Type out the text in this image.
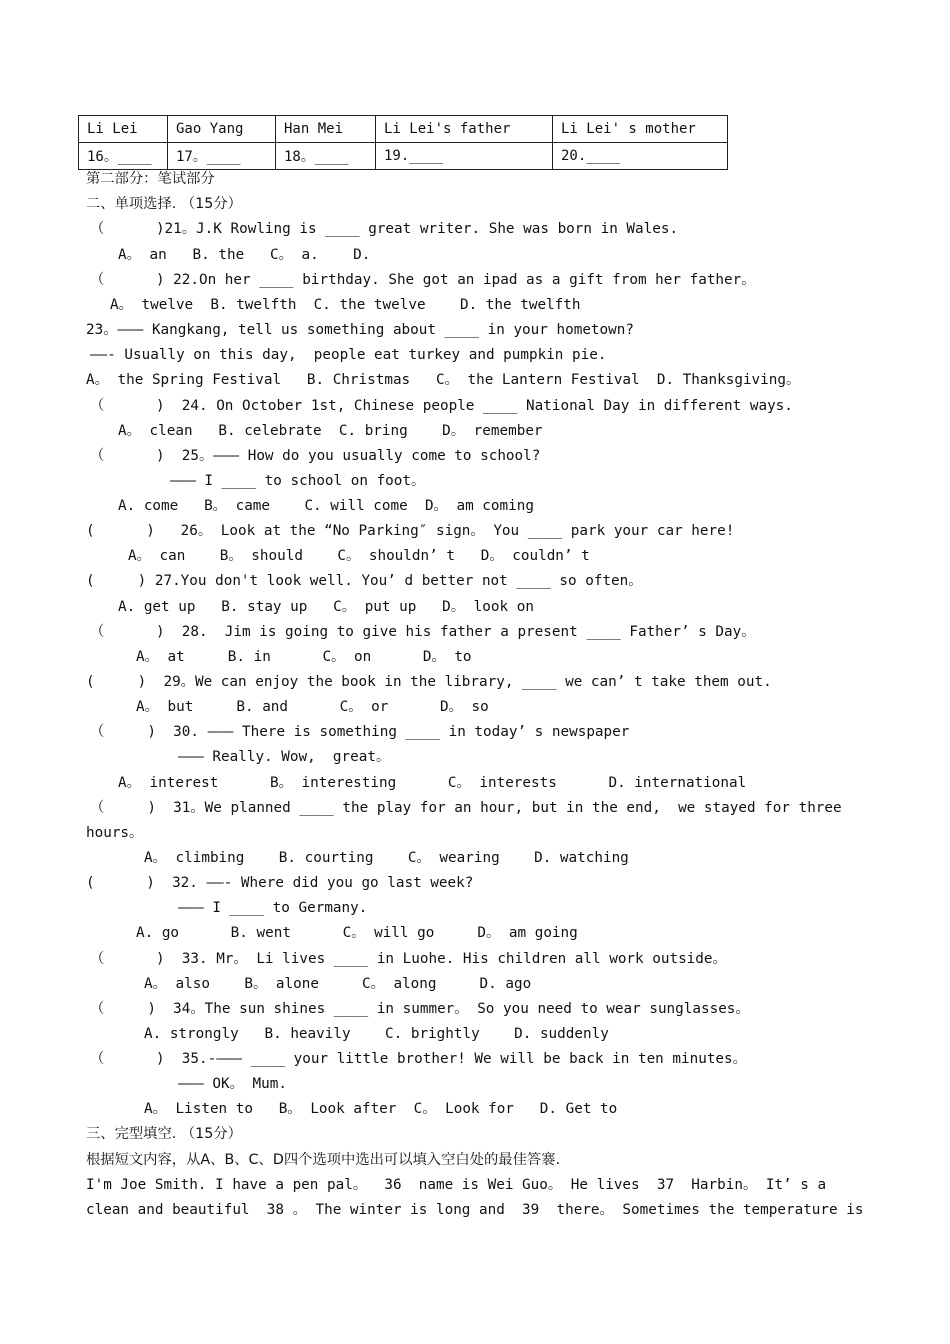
Li Lei	Gao Yang	Han Mei	Li Lei's father	Li Lei' s mother
16。____	17。____	18。____	19.____	20.____
第二部分：笔试部分
二、单项选择. （15分）
（      )21。J.K Rowling is ____ great writer. She was born in Wales.
A。 an   B. the   C。 a.    D.
（      ) 22.On her ____ birthday. She got an ipad as a gift from her father。
A。 twelve  B. twelfth  C. the twelve    D. the twelfth
23。——— Kangkang, tell us something about ____ in your hometown?
——- Usually on this day,  people eat turkey and pumpkin pie.
A。 the Spring Festival   B. Christmas   C。 the Lantern Festival  D. Thanksgiving。
（      )  24. On October 1st, Chinese people ____ National Day in different ways.
A。 clean   B. celebrate  C. bring    D。 remember
（      )  25。——— How do you usually come to school?
——— I ____ to school on foot。
A. come   B。 came    C. will come  D。 am coming
(      )   26。 Look at the “No Parking″ sign。 You ____ park your car here!
A。 can    B。 should    C。 shouldn’ t   D。 couldn’ t
(     ) 27.You don't look well. You’ d better not ____ so often。
A. get up   B. stay up   C。 put up   D。 look on
（      )  28.  Jim is going to give his father a present ____ Father’ s Day。
A。 at     B. in      C。 on      D。 to
(     )  29。We can enjoy the book in the library, ____ we can’ t take them out.
A。 but     B. and      C。 or      D。 so
（     )  30. ——— There is something ____ in today’ s newspaper
——— Really. Wow,  great。
A。 interest      B。 interesting      C。 interests      D. international
（     )  31。We planned ____ the play for an hour, but in the end,  we stayed for three
hours。
A。 climbing    B. courting    C。 wearing    D. watching
(      )  32. ——- Where did you go last week?
——— I ____ to Germany.
A. go      B. went      C。 will go     D。 am going
（      )  33. Mr。 Li lives ____ in Luohe. His children all work outside。
A。 also    B。 alone     C。 along     D. ago
（     )  34。The sun shines ____ in summer。 So you need to wear sunglasses。
A. strongly   B. heavily    C. brightly    D. suddenly
（      )  35.-——— ____ your little brother! We will be back in ten minutes。
——— OK。 Mum.
A。 Listen to   B。 Look after  C。 Look for   D. Get to
三、完型填空. （15分）
根据短文内容，从A、B、C、D四个选项中选出可以填入空白处的最佳答褰.
I'm Joe Smith. I have a pen pal。  36  name is Wei Guo。 He lives  37  Harbin。 It’ s a
clean and beautiful  38 。 The winter is long and  39  there。 Sometimes the temperature is
